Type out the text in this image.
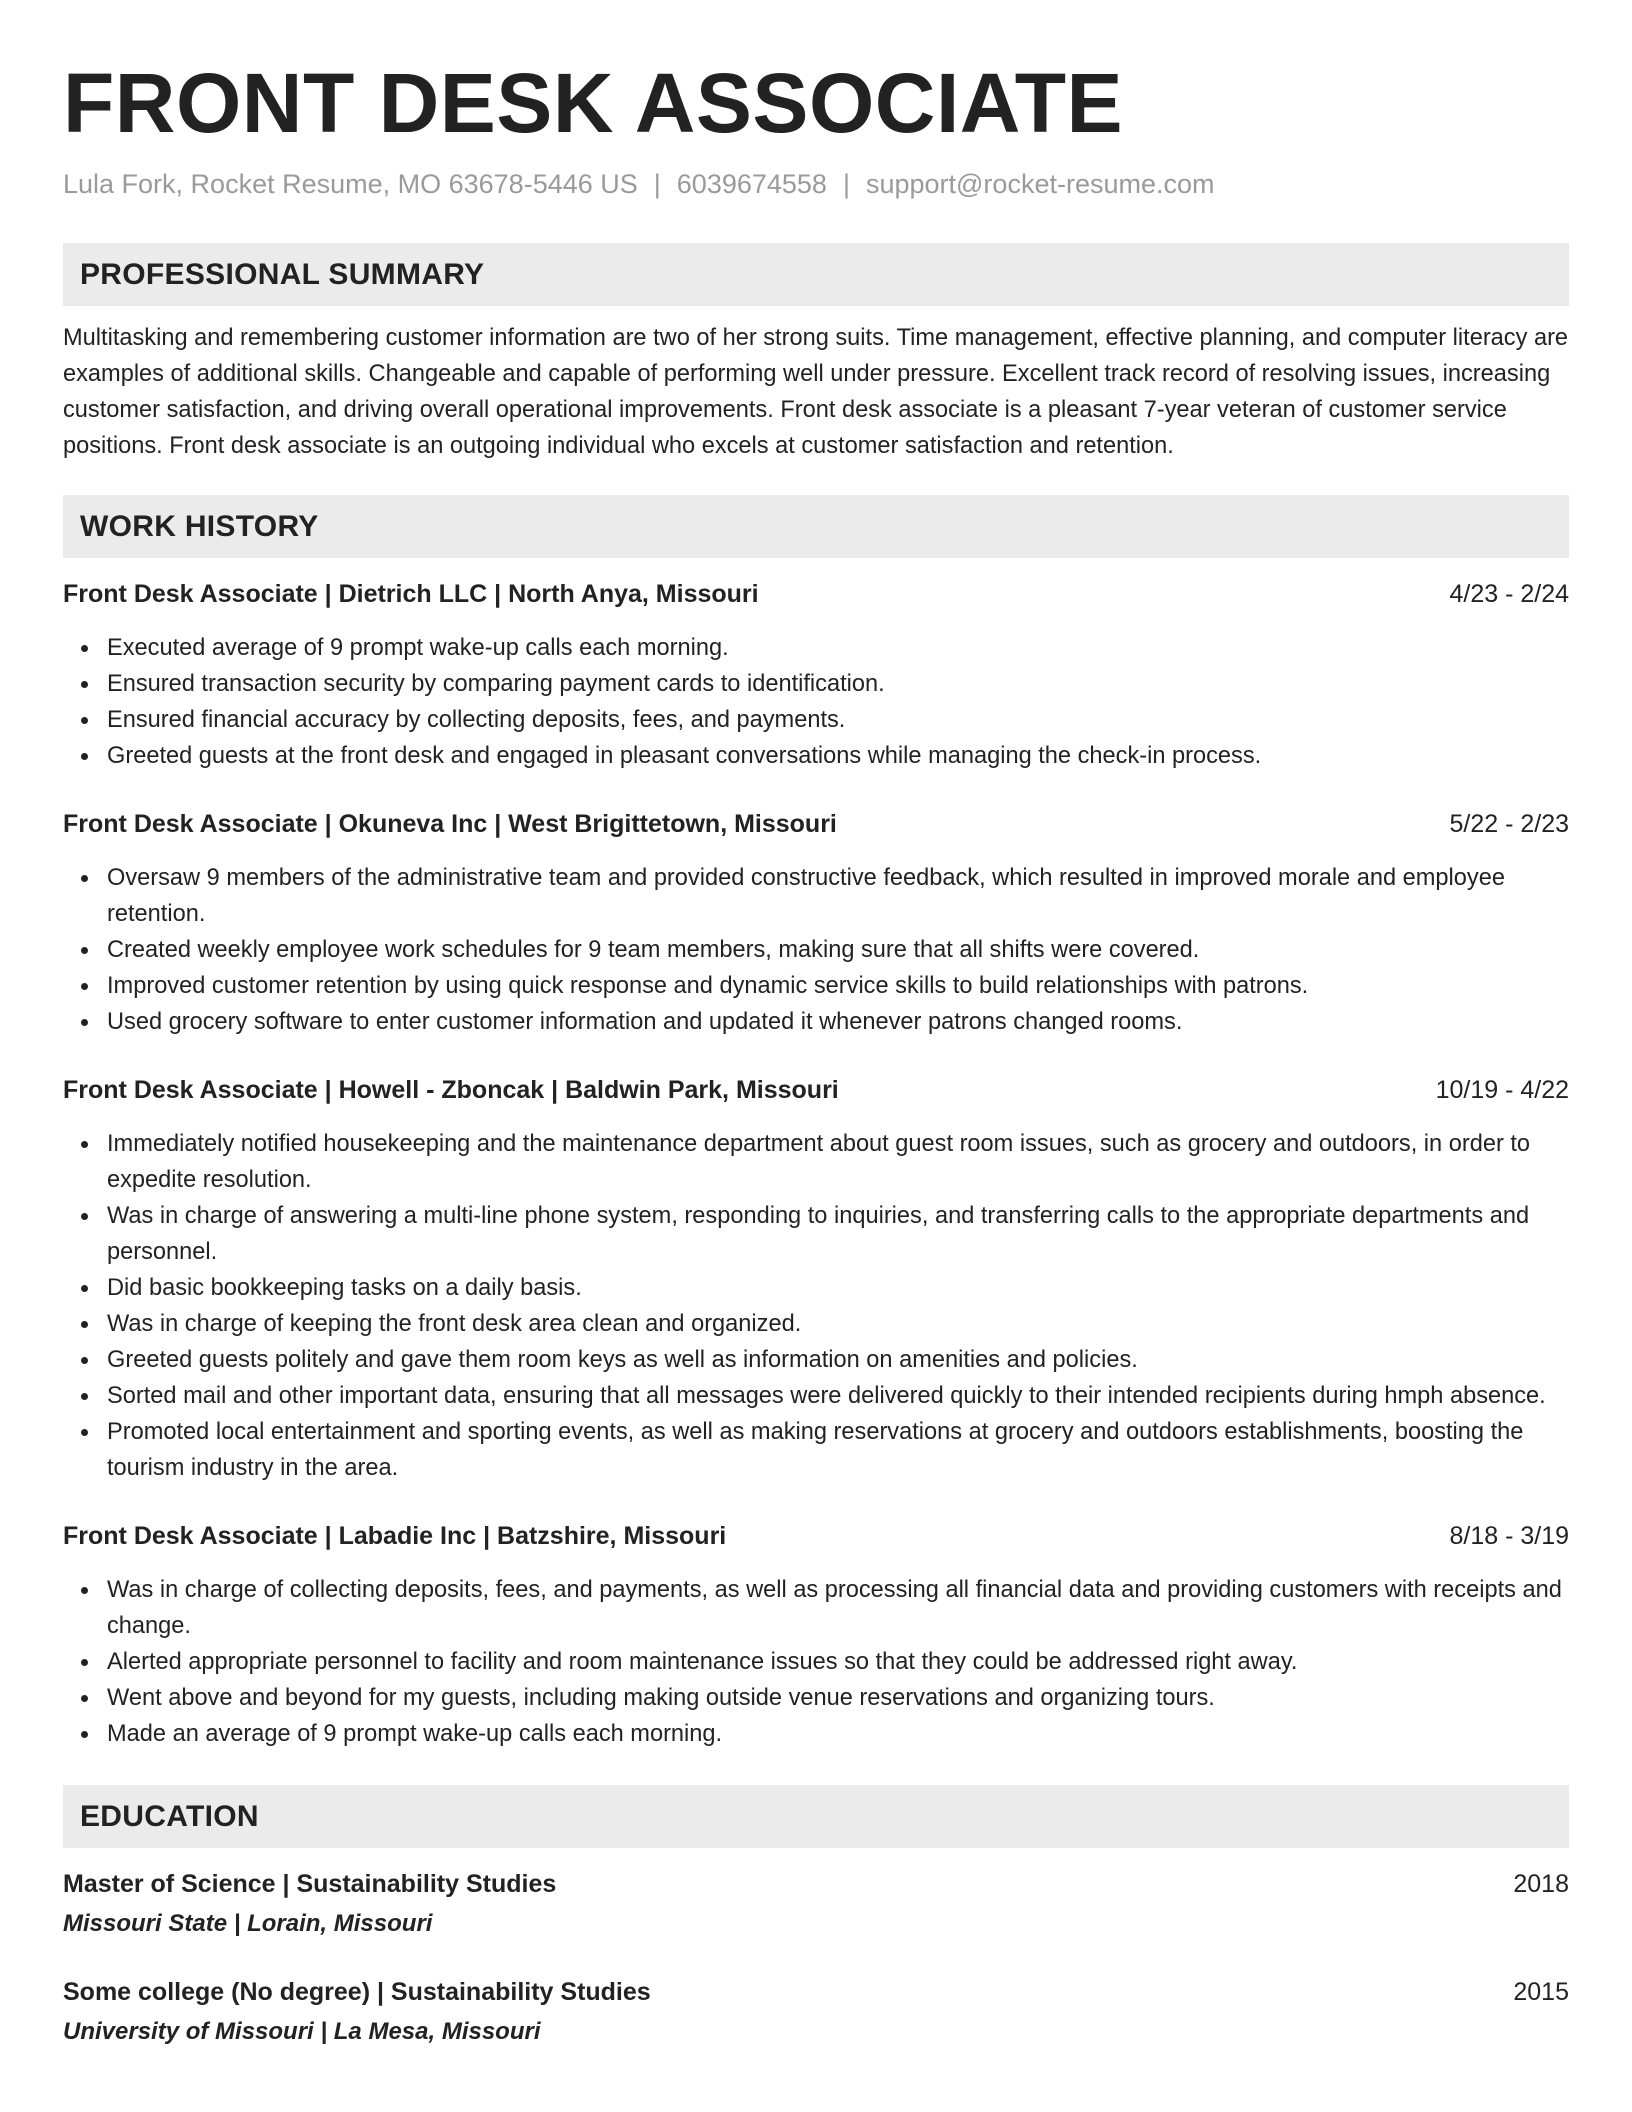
FRONT DESK ASSOCIATE
Lula Fork, Rocket Resume, MO 63678-5446 US | 6039674558 | support@rocket-resume.com
PROFESSIONAL SUMMARY
Multitasking and remembering customer information are two of her strong suits. Time management, effective planning, and computer literacy are examples of additional skills. Changeable and capable of performing well under pressure. Excellent track record of resolving issues, increasing customer satisfaction, and driving overall operational improvements. Front desk associate is a pleasant 7-year veteran of customer service positions. Front desk associate is an outgoing individual who excels at customer satisfaction and retention.
WORK HISTORY
Front Desk Associate | Dietrich LLC | North Anya, Missouri	4/23 - 2/24
Executed average of 9 prompt wake-up calls each morning.
Ensured transaction security by comparing payment cards to identification.
Ensured financial accuracy by collecting deposits, fees, and payments.
Greeted guests at the front desk and engaged in pleasant conversations while managing the check-in process.
Front Desk Associate | Okuneva Inc | West Brigittetown, Missouri	5/22 - 2/23
Oversaw 9 members of the administrative team and provided constructive feedback, which resulted in improved morale and employee retention.
Created weekly employee work schedules for 9 team members, making sure that all shifts were covered.
Improved customer retention by using quick response and dynamic service skills to build relationships with patrons.
Used grocery software to enter customer information and updated it whenever patrons changed rooms.
Front Desk Associate | Howell - Zboncak | Baldwin Park, Missouri	10/19 - 4/22
Immediately notified housekeeping and the maintenance department about guest room issues, such as grocery and outdoors, in order to expedite resolution.
Was in charge of answering a multi-line phone system, responding to inquiries, and transferring calls to the appropriate departments and personnel.
Did basic bookkeeping tasks on a daily basis.
Was in charge of keeping the front desk area clean and organized.
Greeted guests politely and gave them room keys as well as information on amenities and policies.
Sorted mail and other important data, ensuring that all messages were delivered quickly to their intended recipients during hmph absence.
Promoted local entertainment and sporting events, as well as making reservations at grocery and outdoors establishments, boosting the tourism industry in the area.
Front Desk Associate | Labadie Inc | Batzshire, Missouri	8/18 - 3/19
Was in charge of collecting deposits, fees, and payments, as well as processing all financial data and providing customers with receipts and change.
Alerted appropriate personnel to facility and room maintenance issues so that they could be addressed right away.
Went above and beyond for my guests, including making outside venue reservations and organizing tours.
Made an average of 9 prompt wake-up calls each morning.
EDUCATION
Master of Science | Sustainability Studies	2018
Missouri State | Lorain, Missouri
Some college (No degree) | Sustainability Studies	2015
University of Missouri | La Mesa, Missouri
